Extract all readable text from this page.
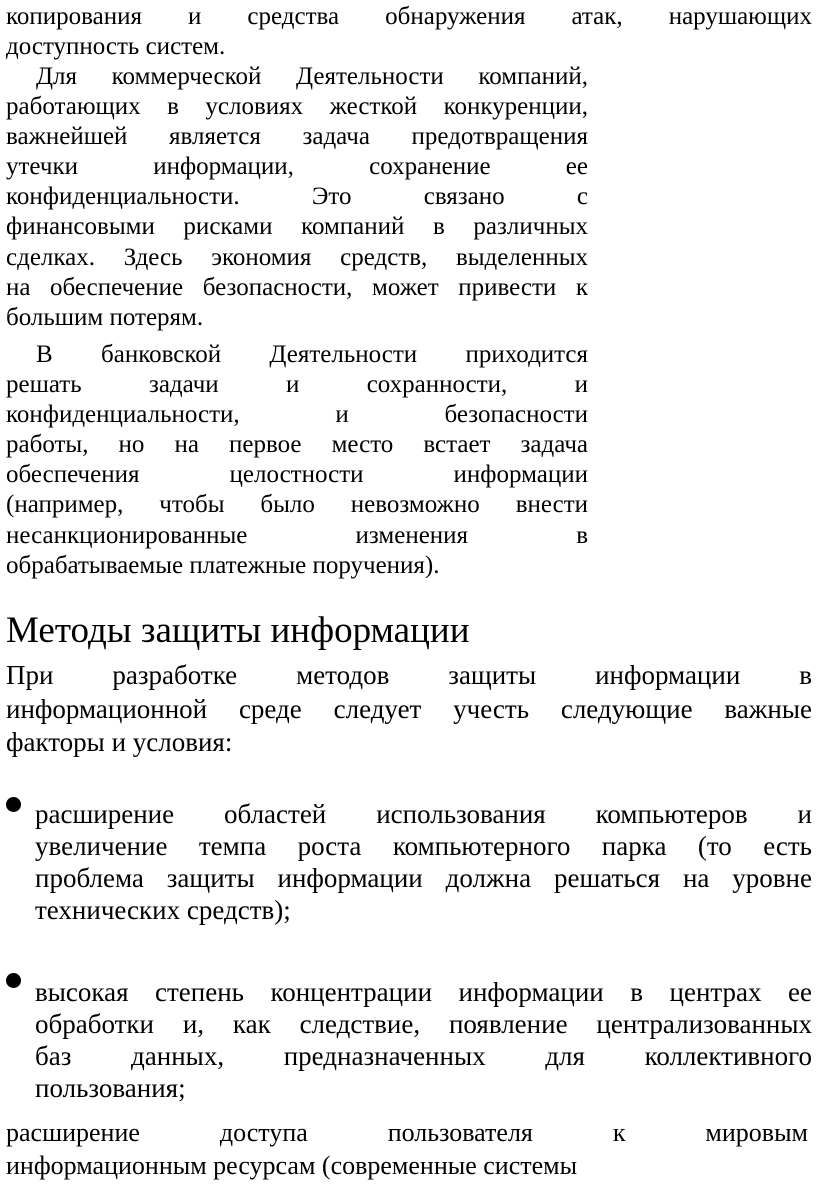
копирования и средства обнаружения атак, нарушающих

доступность систем.

Для коммерческой Деятельности компаний,

работающих в условиях жесткой конкуренции,

важнейшей является задача предотвращения

утечки информации, сохранение ее

конфиденциальности. Это связано с

финансовыми рисками компаний в различных

сделках. Здесь экономия средств, выделенных

на обеспечение безопасности, может привести к

большим потерям.

В банковской Деятельности приходится

решать задачи и сохранности, и

конфиденциальности, и безопасности

работы, но на первое место встает задача

обеспечения целостности информации

(например, чтобы было невозможно внести

несанкционированные изменения в

обрабатываемые платежные поручения).

Методы защиты информации

При разработке методов защиты информации в

информационной среде следует учесть следующие важные

факторы и условия:

расширение областей использования компьютеров и

увеличение темпа роста компьютерного парка (то есть

проблема защиты информации должна решаться на уровне

технических средств);

высокая степень концентрации информации в центрах ее

обработки и, как следствие, появление централизованных

баз данных, предназначенных для коллективного

пользования;

расширение доступа пользователя к мировым

информационным ресурсам (современные системы
